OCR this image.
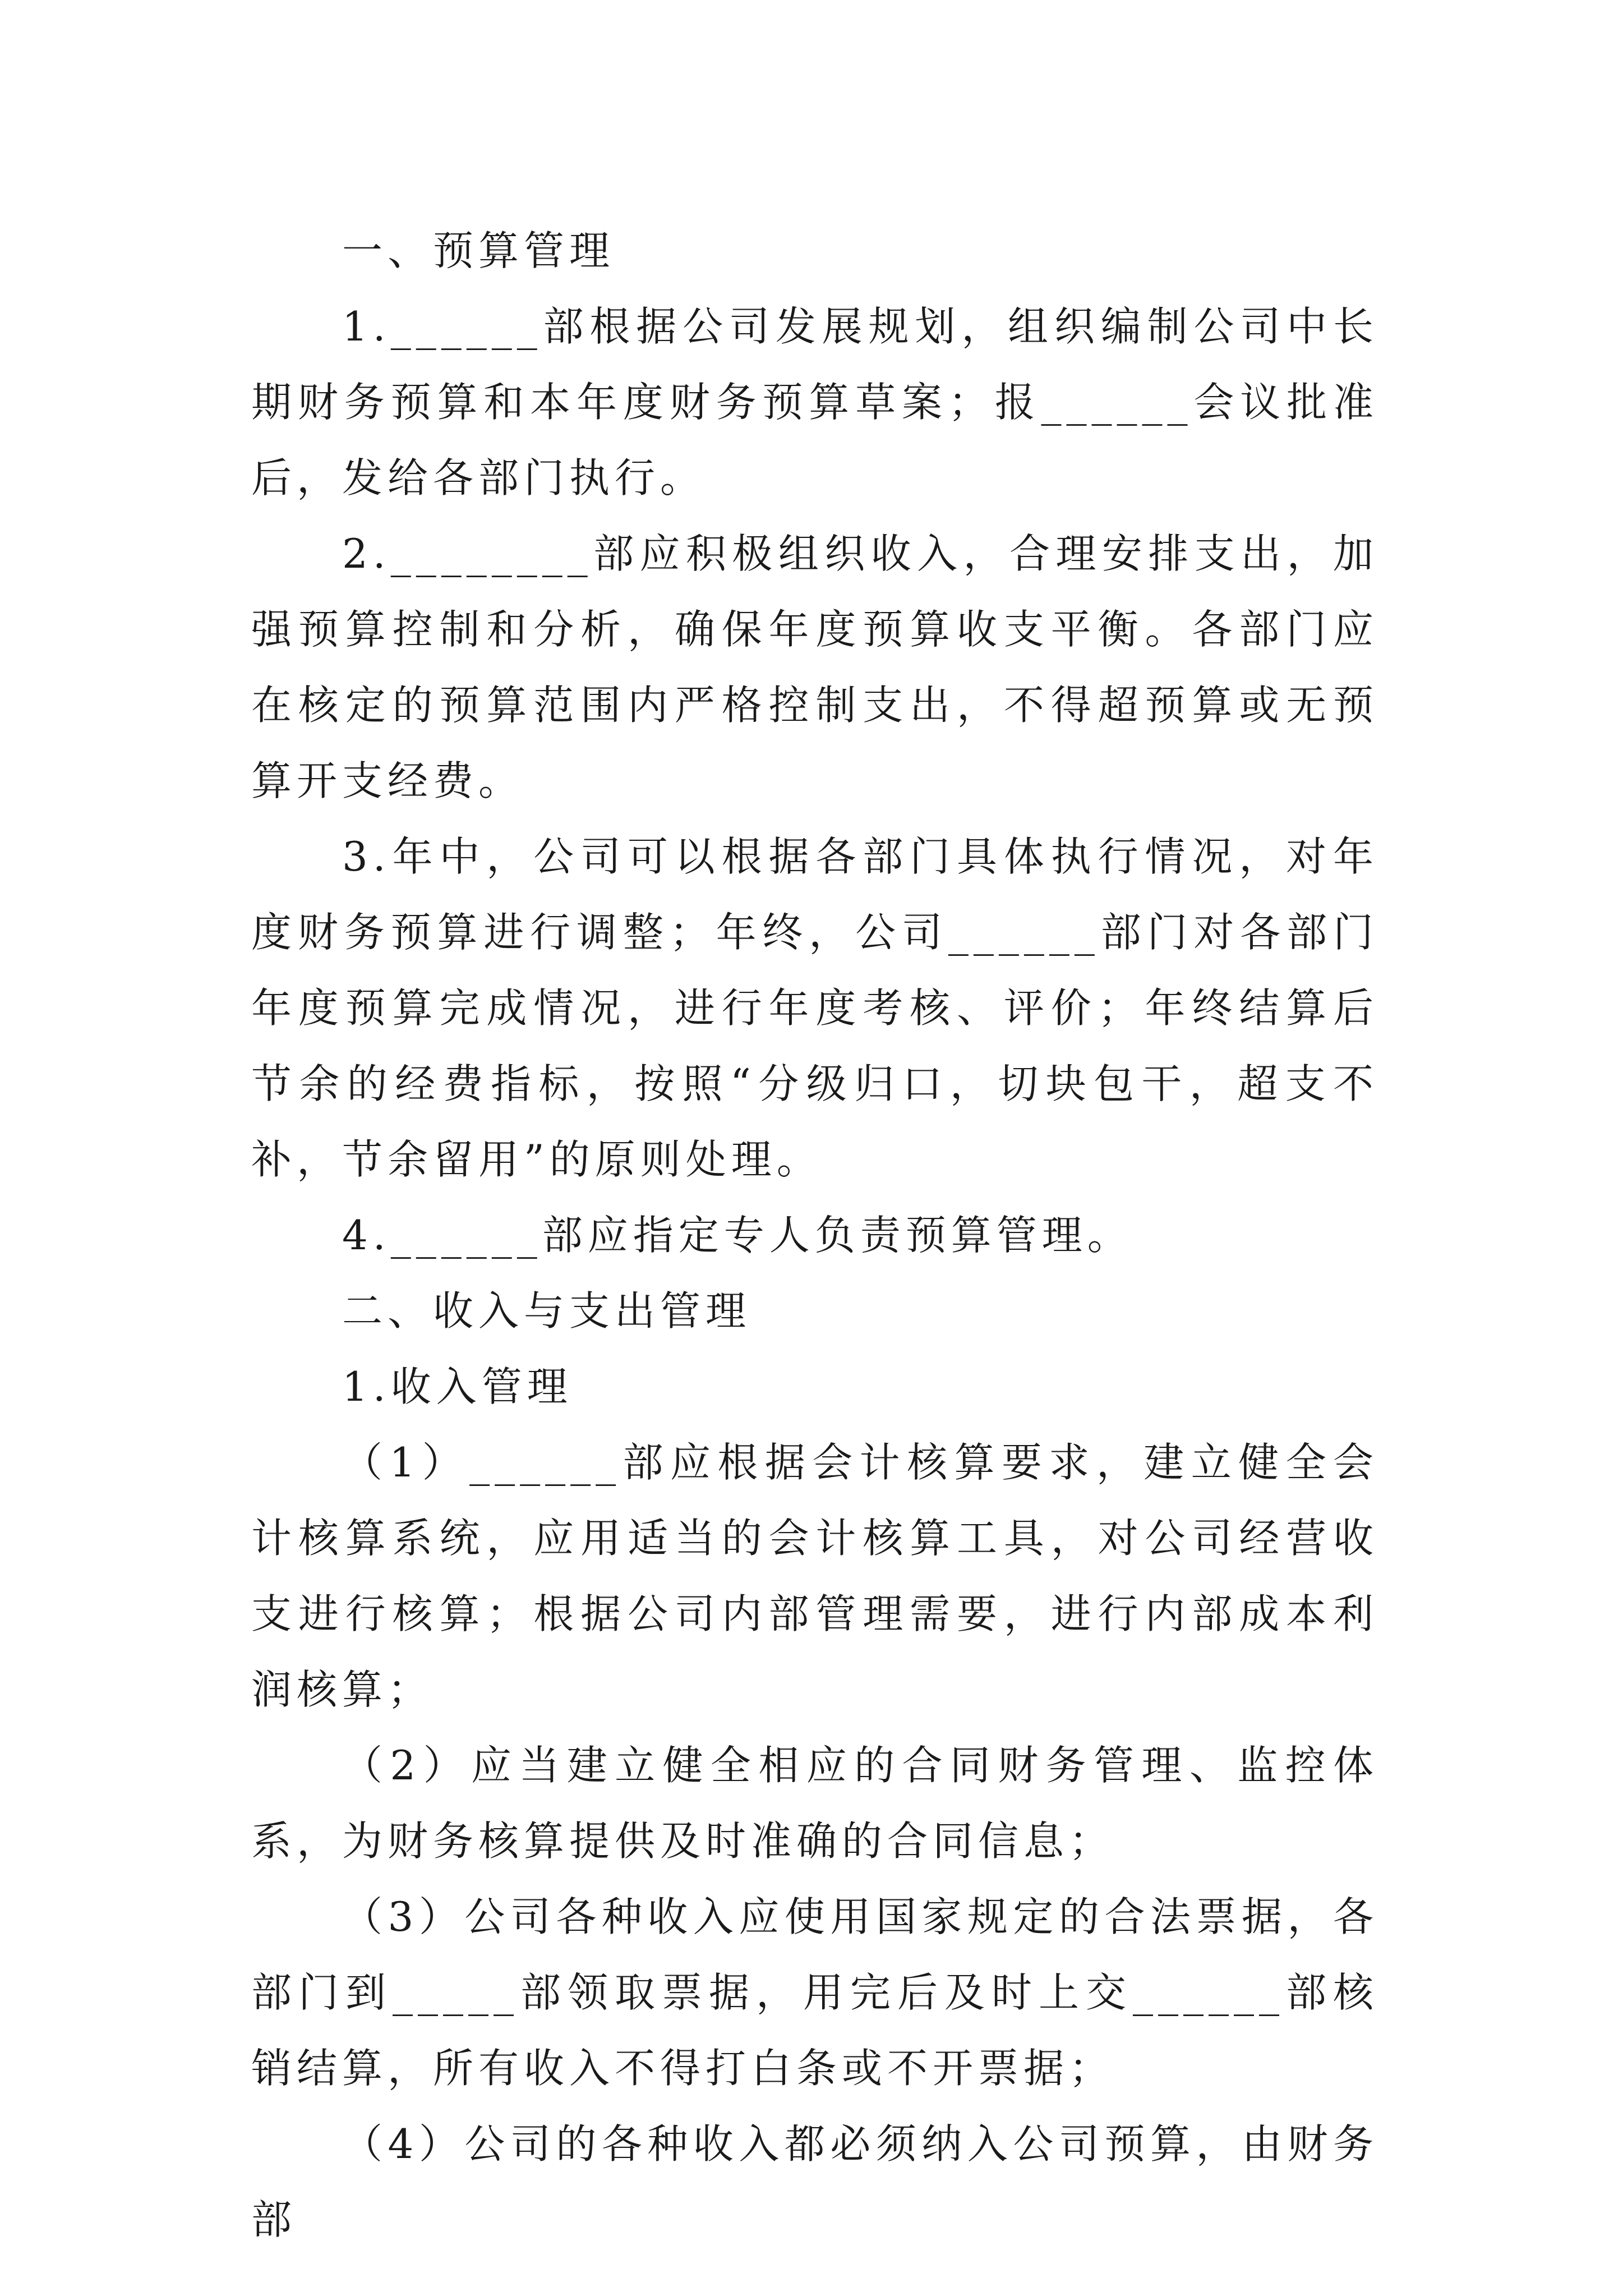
一、预算管理

1.______部根据公司发展规划，组织编制公司中长期财务预算和本年度财务预算草案；报______会议批准后，发给各部门执行。

2.________部应积极组织收入，合理安排支出，加强预算控制和分析，确保年度预算收支平衡。各部门应在核定的预算范围内严格控制支出，不得超预算或无预算开支经费。

3.年中，公司可以根据各部门具体执行情况，对年度财务预算进行调整；年终，公司______部门对各部门年度预算完成情况，进行年度考核、评价；年终结算后节余的经费指标，按照“分级归口，切块包干，超支不补，节余留用”的原则处理。

4.______部应指定专人负责预算管理。

二、收入与支出管理

1.收入管理

（1）______部应根据会计核算要求，建立健全会计核算系统，应用适当的会计核算工具，对公司经营收支进行核算；根据公司内部管理需要，进行内部成本利润核算；

（2）应当建立健全相应的合同财务管理、监控体系，为财务核算提供及时准确的合同信息；

（3）公司各种收入应使用国家规定的合法票据，各部门到_____部领取票据，用完后及时上交______部核销结算，所有收入不得打白条或不开票据；

（4）公司的各种收入都必须纳入公司预算，由财务部
